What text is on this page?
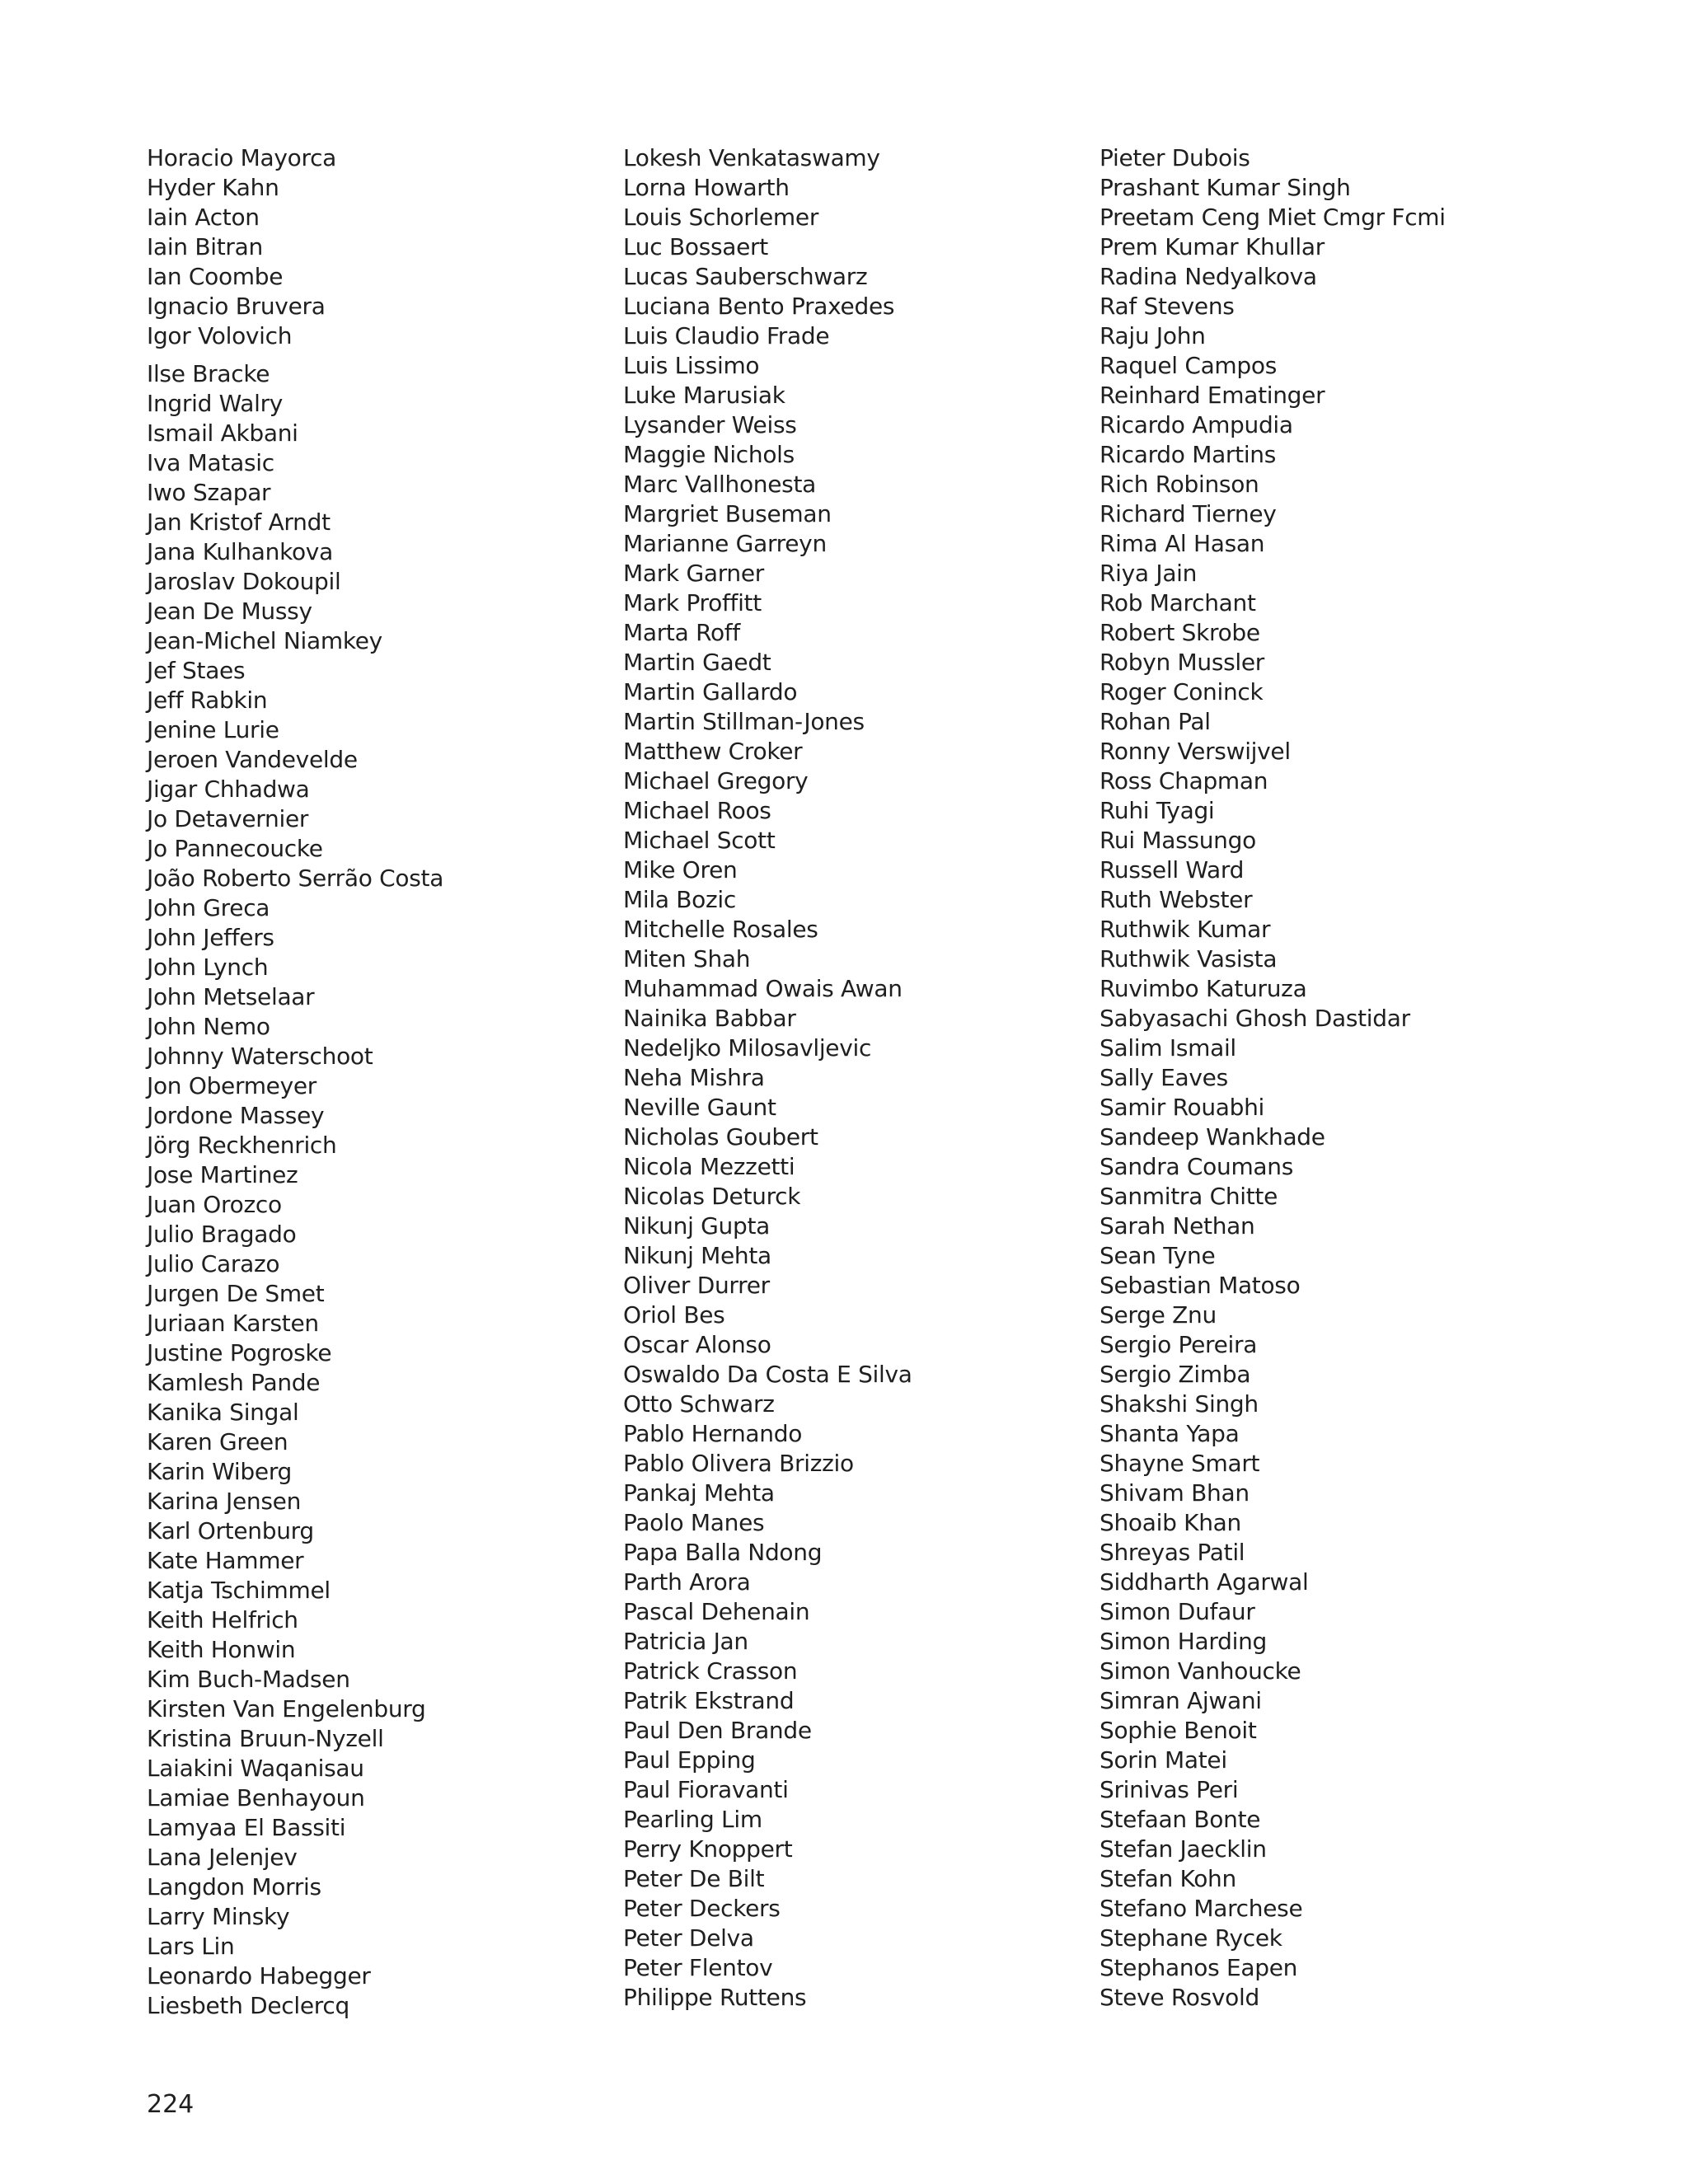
Horacio Mayorca
Hyder Kahn
Iain Acton
Iain Bitran
Ian Coombe
Ignacio Bruvera
Igor Volovich
Ilse Bracke
Ingrid Walry
Ismail Akbani
Iva Matasic
Iwo Szapar
Jan Kristof Arndt
Jana Kulhankova
Jaroslav Dokoupil
Jean De Mussy
Jean-Michel Niamkey
Jef Staes
Jeff Rabkin
Jenine Lurie
Jeroen Vandevelde
Jigar Chhadwa
Jo Detavernier
Jo Pannecoucke
João Roberto Serrão Costa
John Greca
John Jeffers
John Lynch
John Metselaar
John Nemo
Johnny Waterschoot
Jon Obermeyer
Jordone Massey
Jörg Reckhenrich
Jose Martinez
Juan Orozco
Julio Bragado
Julio Carazo
Jurgen De Smet
Juriaan Karsten
Justine Pogroske
Kamlesh Pande
Kanika Singal
Karen Green
Karin Wiberg
Karina Jensen
Karl Ortenburg
Kate Hammer
Katja Tschimmel
Keith Helfrich
Keith Honwin
Kim Buch-Madsen
Kirsten Van Engelenburg
Kristina Bruun-Nyzell
Laiakini Waqanisau
Lamiae Benhayoun
Lamyaa El Bassiti
Lana Jelenjev
Langdon Morris
Larry Minsky
Lars Lin
Leonardo Habegger
Liesbeth Declercq
Lokesh Venkataswamy
Lorna Howarth
Louis Schorlemer
Luc Bossaert
Lucas Sauberschwarz
Luciana Bento Praxedes
Luis Claudio Frade
Luis Lissimo
Luke Marusiak
Lysander Weiss
Maggie Nichols
Marc Vallhonesta
Margriet Buseman
Marianne Garreyn
Mark Garner
Mark Proffitt
Marta Roff
Martin Gaedt
Martin Gallardo
Martin Stillman-Jones
Matthew Croker
Michael Gregory
Michael Roos
Michael Scott
Mike Oren
Mila Bozic
Mitchelle Rosales
Miten Shah
Muhammad Owais Awan
Nainika Babbar
Nedeljko Milosavljevic
Neha Mishra
Neville Gaunt
Nicholas Goubert
Nicola Mezzetti
Nicolas Deturck
Nikunj Gupta
Nikunj Mehta
Oliver Durrer
Oriol Bes
Oscar Alonso
Oswaldo Da Costa E Silva
Otto Schwarz
Pablo Hernando
Pablo Olivera Brizzio
Pankaj Mehta
Paolo Manes
Papa Balla Ndong
Parth Arora
Pascal Dehenain
Patricia Jan
Patrick Crasson
Patrik Ekstrand
Paul Den Brande
Paul Epping
Paul Fioravanti
Pearling Lim
Perry Knoppert
Peter De Bilt
Peter Deckers
Peter Delva
Peter Flentov
Philippe Ruttens
Pieter Dubois
Prashant Kumar Singh
Preetam Ceng Miet Cmgr Fcmi
Prem Kumar Khullar
Radina Nedyalkova
Raf Stevens
Raju John
Raquel Campos
Reinhard Ematinger
Ricardo Ampudia
Ricardo Martins
Rich Robinson
Richard Tierney
Rima Al Hasan
Riya Jain
Rob Marchant
Robert Skrobe
Robyn Mussler
Roger Coninck
Rohan Pal
Ronny Verswijvel
Ross Chapman
Ruhi Tyagi
Rui Massungo
Russell Ward
Ruth Webster
Ruthwik Kumar
Ruthwik Vasista
Ruvimbo Katuruza
Sabyasachi Ghosh Dastidar
Salim Ismail
Sally Eaves
Samir Rouabhi
Sandeep Wankhade
Sandra Coumans
Sanmitra Chitte
Sarah Nethan
Sean Tyne
Sebastian Matoso
Serge Znu
Sergio Pereira
Sergio Zimba
Shakshi Singh
Shanta Yapa
Shayne Smart
Shivam Bhan
Shoaib Khan
Shreyas Patil
Siddharth Agarwal
Simon Dufaur
Simon Harding
Simon Vanhoucke
Simran Ajwani
Sophie Benoit
Sorin Matei
Srinivas Peri
Stefaan Bonte
Stefan Jaecklin
Stefan Kohn
Stefano Marchese
Stephane Rycek
Stephanos Eapen
Steve Rosvold
224
